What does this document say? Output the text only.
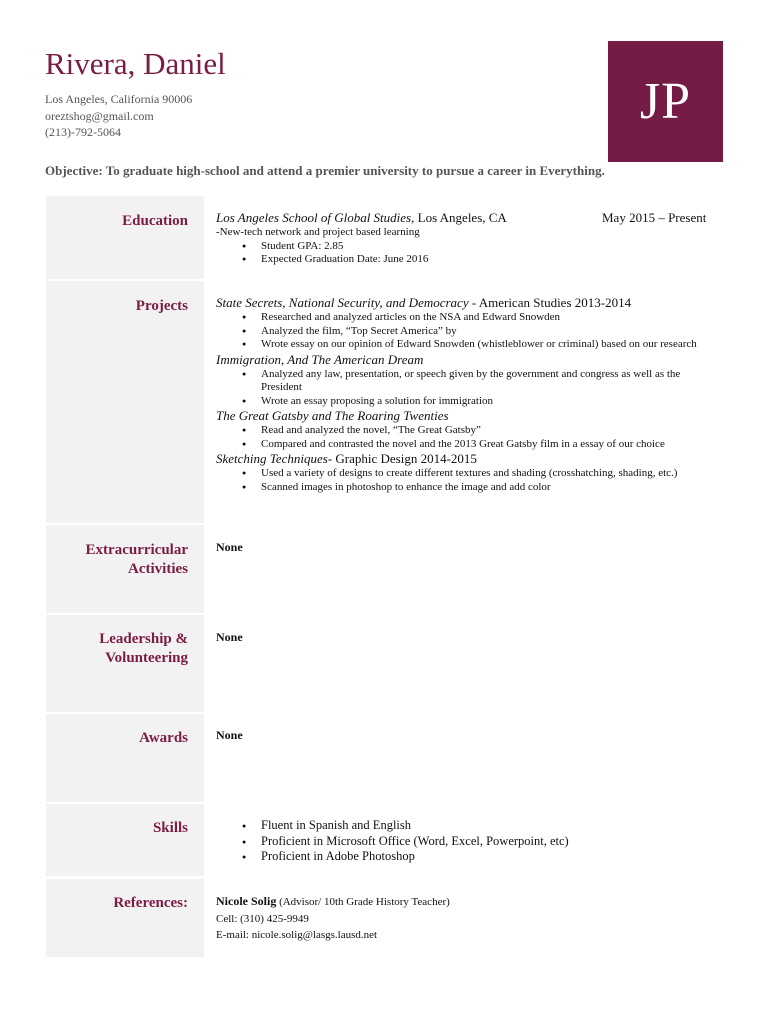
Rivera, Daniel
Los Angeles, California 90006
oreztshog@gmail.com
(213)-792-5064
JP
Objective: To graduate high-school and attend a premier university to pursue a career in Everything.
Education Los Angeles School of Global Studies, Los Angeles, CA	May 2015 – Present
-New-tech network and project based learning
● Student GPA: 2.85
● Expected Graduation Date: June 2016
Projects State Secrets, National Security, and Democracy - American Studies 2013-2014
● Researched and analyzed articles on the NSA and Edward Snowden
● Analyzed the film, “Top Secret America” by
● Wrote essay on our opinion of Edward Snowden (whistleblower or criminal) based on our research
Immigration, And The American Dream
● Analyzed any law, presentation, or speech given by the government and congress as well as the
President
● Wrote an essay proposing a solution for immigration
The Great Gatsby and The Roaring Twenties
● Read and analyzed the novel, “The Great Gatsby”
● Compared and contrasted the novel and the 2013 Great Gatsby film in a essay of our choice
Sketching Techniques- Graphic Design 2014-2015
● Used a variety of designs to create different textures and shading (crosshatching, shading, etc.)
● Scanned images in photoshop to enhance the image and add color
Extracurricular
Activities
None
Leadership &
Volunteering
None
Awards None
Skills
●	Fluent in Spanish and English
● Proficient in Microsoft Office (Word, Excel, Powerpoint, etc)
● Proficient in Adobe Photoshop
References: Nicole Solig (Advisor/ 10th Grade History Teacher)
Cell: (310) 425-9949
E-mail: nicole.solig@lasgs.lausd.net
